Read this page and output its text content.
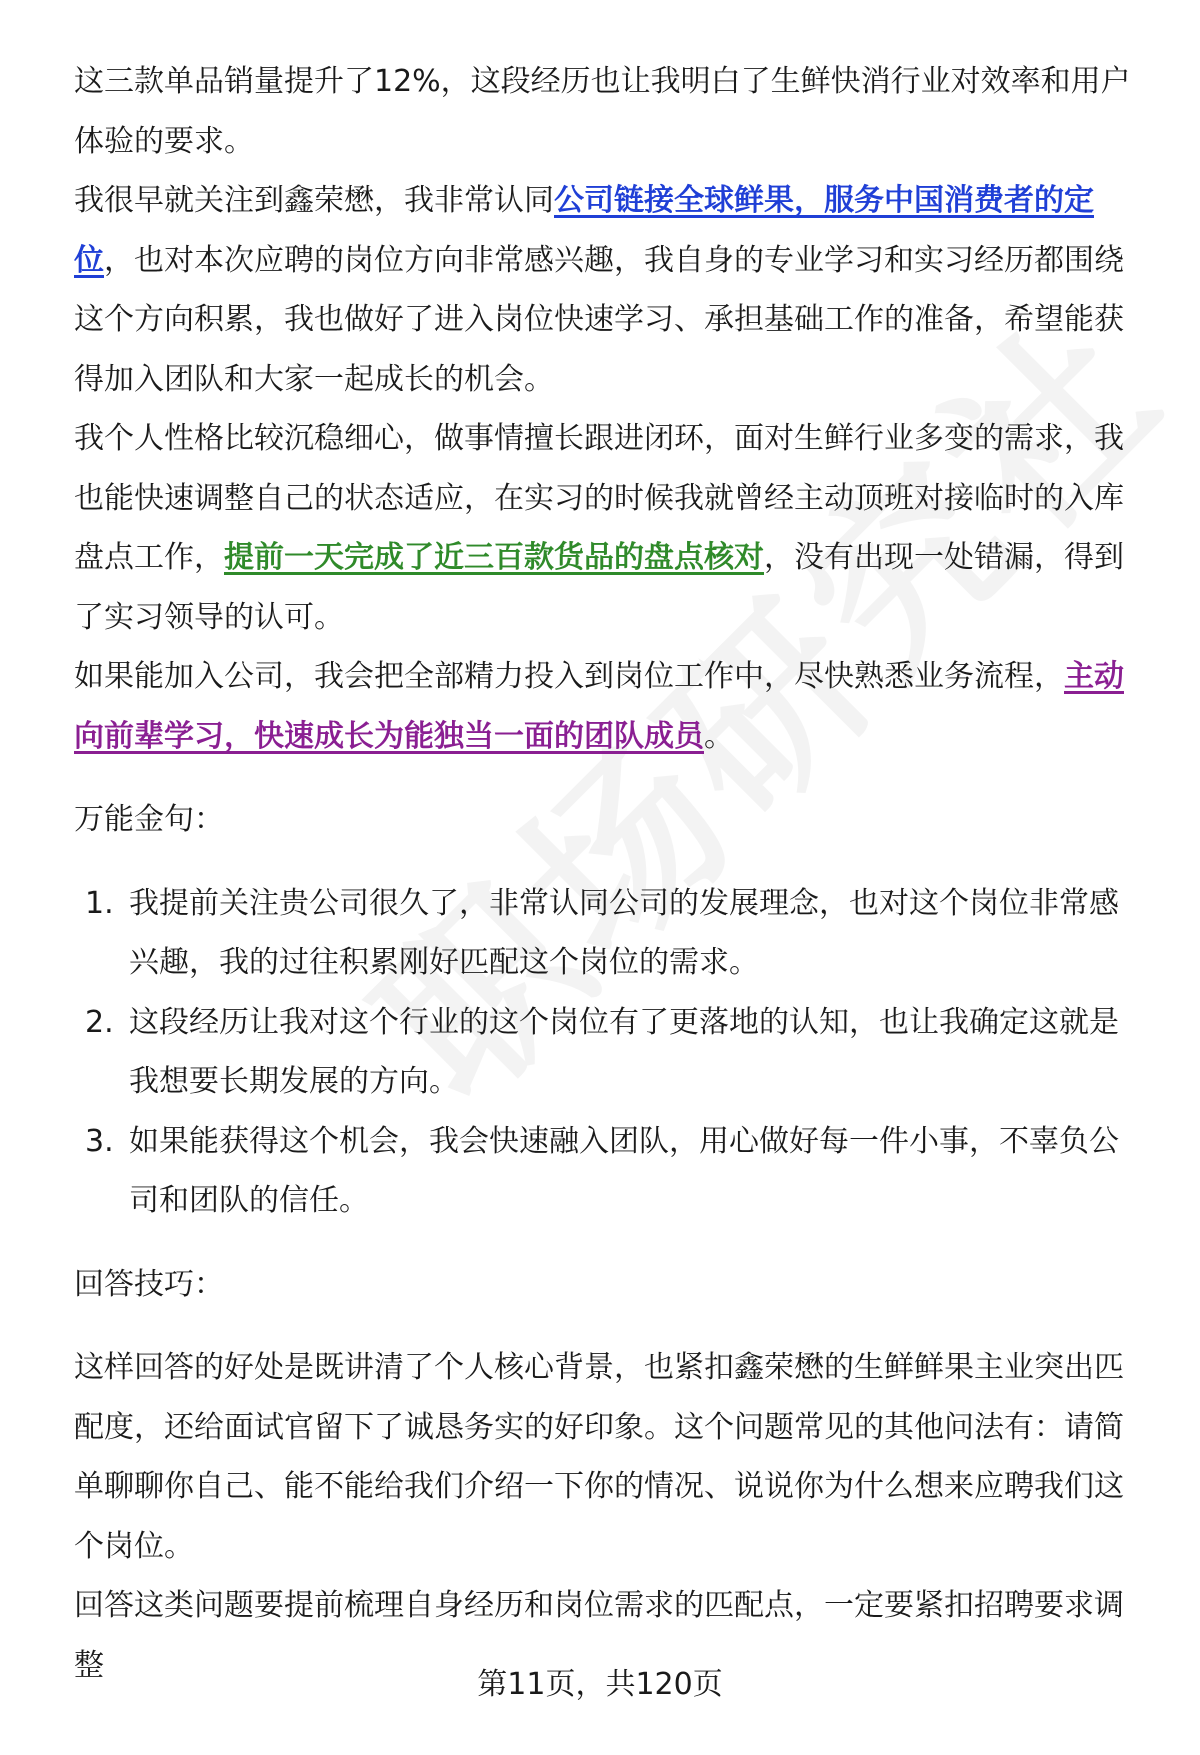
这三款单品销量提升了12%，这段经历也让我明白了生鲜快消行业对效率和用户体验的要求。

我很早就关注到鑫荣懋，我非常认同公司链接全球鲜果，服务中国消费者的定位，也对本次应聘的岗位方向非常感兴趣，我自身的专业学习和实习经历都围绕这个方向积累，我也做好了进入岗位快速学习、承担基础工作的准备，希望能获得加入团队和大家一起成长的机会。

我个人性格比较沉稳细心，做事情擅长跟进闭环，面对生鲜行业多变的需求，我也能快速调整自己的状态适应，在实习的时候我就曾经主动顶班对接临时的入库盘点工作，提前一天完成了近三百款货品的盘点核对，没有出现一处错漏，得到了实习领导的认可。

如果能加入公司，我会把全部精力投入到岗位工作中，尽快熟悉业务流程，主动向前辈学习，快速成长为能独当一面的团队成员。

万能金句：

1. 我提前关注贵公司很久了，非常认同公司的发展理念，也对这个岗位非常感兴趣，我的过往积累刚好匹配这个岗位的需求。
2. 这段经历让我对这个行业的这个岗位有了更落地的认知，也让我确定这就是我想要长期发展的方向。
3. 如果能获得这个机会，我会快速融入团队，用心做好每一件小事，不辜负公司和团队的信任。

回答技巧：

这样回答的好处是既讲清了个人核心背景，也紧扣鑫荣懋的生鲜鲜果主业突出匹配度，还给面试官留下了诚恳务实的好印象。这个问题常见的其他问法有：请简单聊聊你自己、能不能给我们介绍一下你的情况、说说你为什么想来应聘我们这个岗位。

回答这类问题要提前梳理自身经历和岗位需求的匹配点，一定要紧扣招聘要求调整

第11页，共120页
